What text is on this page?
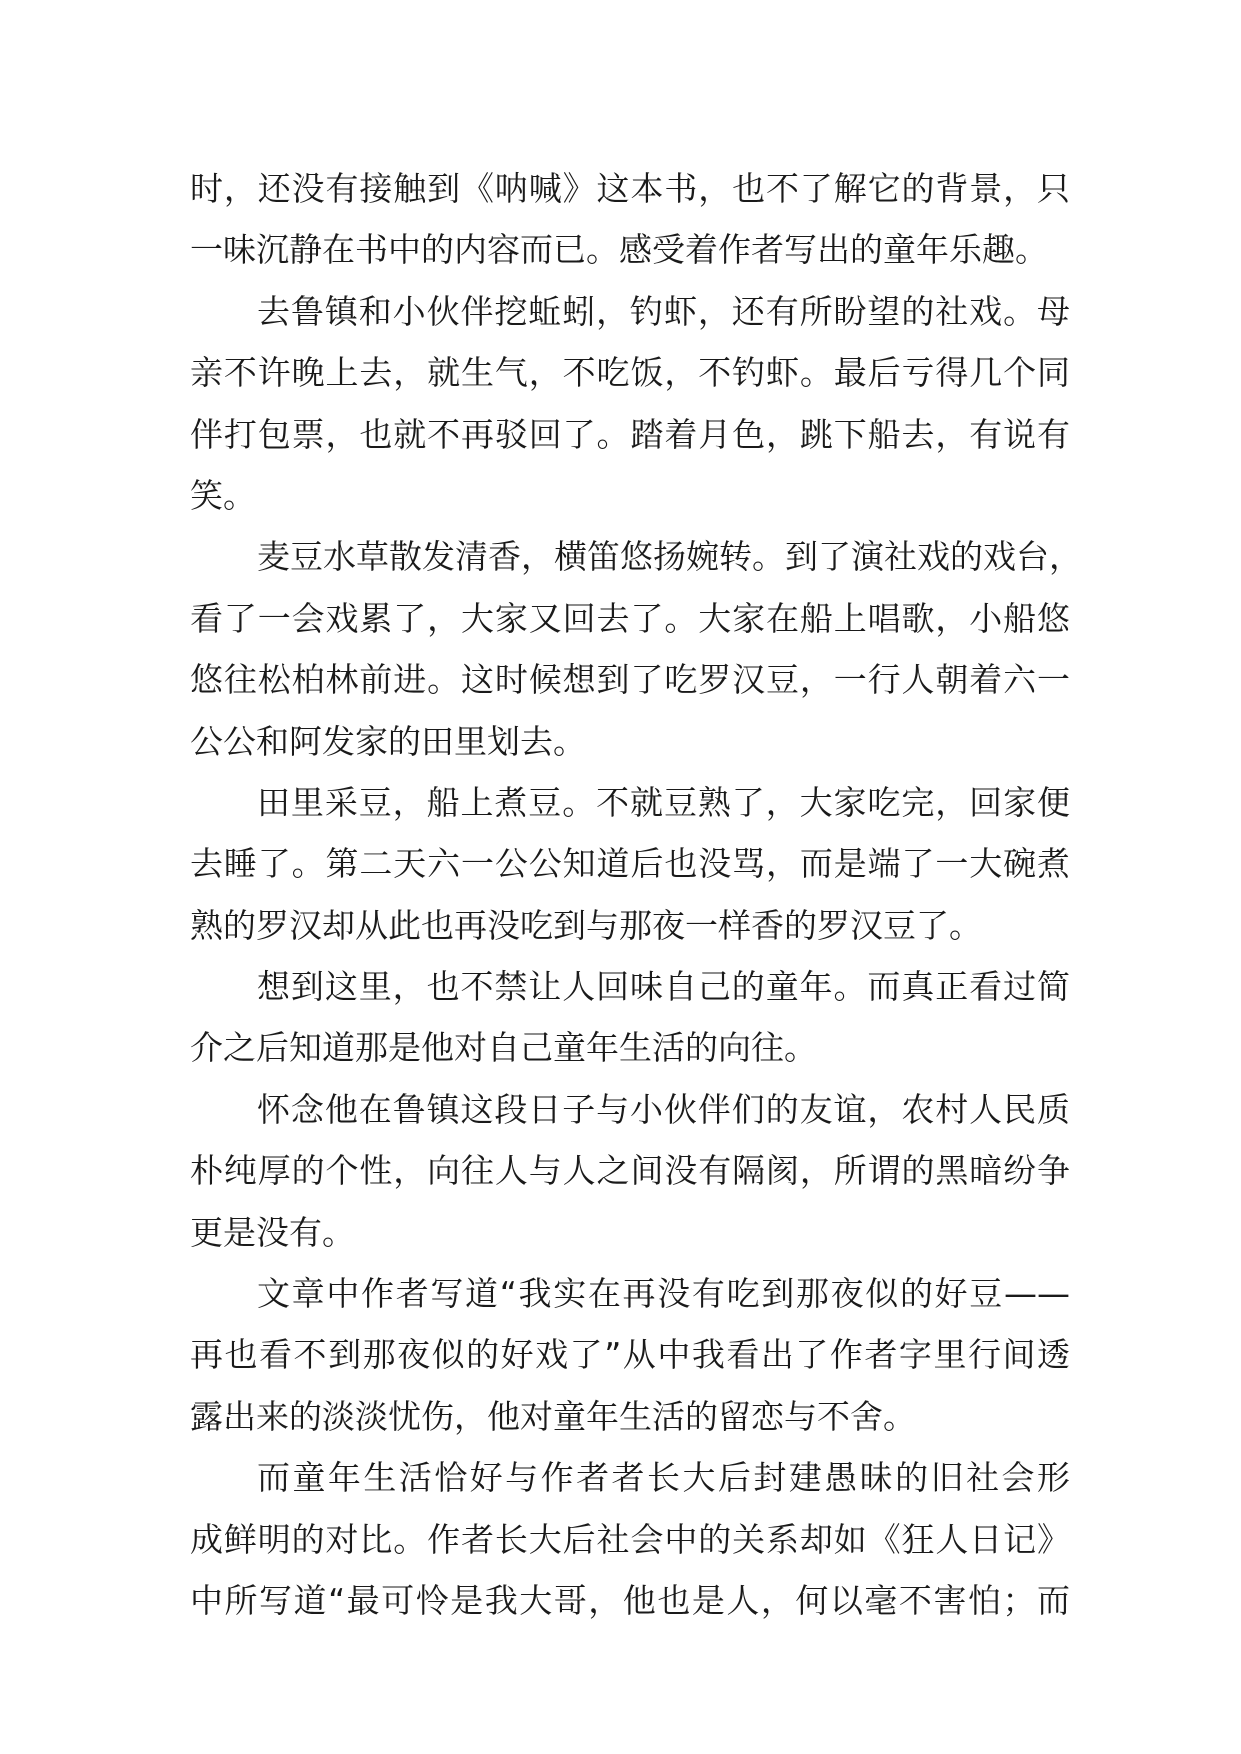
时，还没有接触到《呐喊》这本书，也不了解它的背景，只
一味沉静在书中的内容而已。感受着作者写出的童年乐趣。
去鲁镇和小伙伴挖蚯蚓，钓虾，还有所盼望的社戏。母
亲不许晚上去，就生气，不吃饭，不钓虾。最后亏得几个同
伴打包票，也就不再驳回了。踏着月色，跳下船去，有说有
笑。
麦豆水草散发清香，横笛悠扬婉转。到了演社戏的戏台，
看了一会戏累了，大家又回去了。大家在船上唱歌，小船悠
悠往松柏林前进。这时候想到了吃罗汉豆，一行人朝着六一
公公和阿发家的田里划去。
田里采豆，船上煮豆。不就豆熟了，大家吃完，回家便
去睡了。第二天六一公公知道后也没骂，而是端了一大碗煮
熟的罗汉却从此也再没吃到与那夜一样香的罗汉豆了。
想到这里，也不禁让人回味自己的童年。而真正看过简
介之后知道那是他对自己童年生活的向往。
怀念他在鲁镇这段日子与小伙伴们的友谊，农村人民质
朴纯厚的个性，向往人与人之间没有隔阂，所谓的黑暗纷争
更是没有。
文章中作者写道“我实在再没有吃到那夜似的好豆——
再也看不到那夜似的好戏了”从中我看出了作者字里行间透
露出来的淡淡忧伤，他对童年生活的留恋与不舍。
而童年生活恰好与作者者长大后封建愚昧的旧社会形
成鲜明的对比。作者长大后社会中的关系却如《狂人日记》
中所写道“最可怜是我大哥，他也是人，何以毫不害怕；而
